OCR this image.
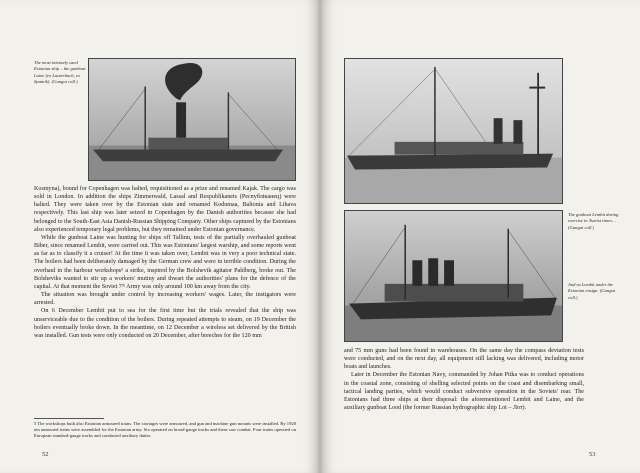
The most intensely used Estonian ship – the gunboat Laine (ex Lauterbach, ex Spatnik). (Gangut coll.)

Kosmyna), bound for Copenhagen was halted, requisitioned as a prize and renamed Kajak. The cargo was sold in London. In addition the ships Zimmerwald, Lassal and Respublikanets (Pecnyблiкaнeц) were halted. They were taken over by the Estonian state and renamed Kodumaa, Baltonia and Lihava respectively. This last ship was later seized in Copenhagen by the Danish authorities because she had belonged to the South-East Asia Danish-Russian Shipping Company. Other ships captured by the Estonians also experienced temporary legal problems, but they remained under Estonian governance.

While the gunboat Laine was hunting for ships off Tallinn, tests of the partially overhauled gunboat Biber, since renamed Lembit, were carried out. This was Estonians' largest warship, and some reports went as far as to classify it a cruiser! At the time it was taken over, Lembit was in very a poor technical state. The boilers had been deliberately damaged by the German crew and were in terrible condition. During the overhaul in the harbour workshops⁵ a strike, inspired by the Bolshevik agitator Pahlberg, broke out. The Bolsheviks wanted to stir up a workers' mutiny and thwart the authorities' plans for the defence of the capital. At that moment the Soviet 7ᵗʰ Army was only around 100 km away from the city.

The situation was brought under control by increasing workers' wages. Later, the instigators were arrested.

On 6 December Lembit put to sea for the first time but the trials revealed that the ship was unserviceable due to the condition of the boilers. During repeated attempts to steam, on 19 December the boilers eventually broke down. In the meantime, on 12 December a wireless set delivered by the British was installed. Gun tests were only conducted on 20 December, after breeches for the 120 mm

5 The workshops built also Estonian armoured trains. The carriages were armoured, and gun and machine gun mounts were installed. By 1920 ten armoured trains were assembled for the Estonian army. Six operated on broad-gauge tracks and these saw combat. Four trains operated on European standard-gauge tracks and conducted auxiliary duties.
52
The gunboat Lembit during exercise in Tsarist times… (Gangut coll.)
And as Lembit under the Estonian ensign. (Gangut coll.)

and 75 mm guns had been found in warehouses. On the same day the compass deviation tests were conducted, and on the next day, all equipment still lacking was delivered, including motor boats and launches.

Later in December the Estonian Navy, commanded by Johan Pitka was to conduct operations in the coastal zone, consisting of shelling selected points on the coast and disembarking small, tactical landing parties, which would conduct subversive operation in the Soviets' rear. The Estonians had three ships at their disposal: the aforementioned Lembit and Laine, and the auxiliary gunboat Lood (the former Russian hydrographic ship Lot – Лот).

53
